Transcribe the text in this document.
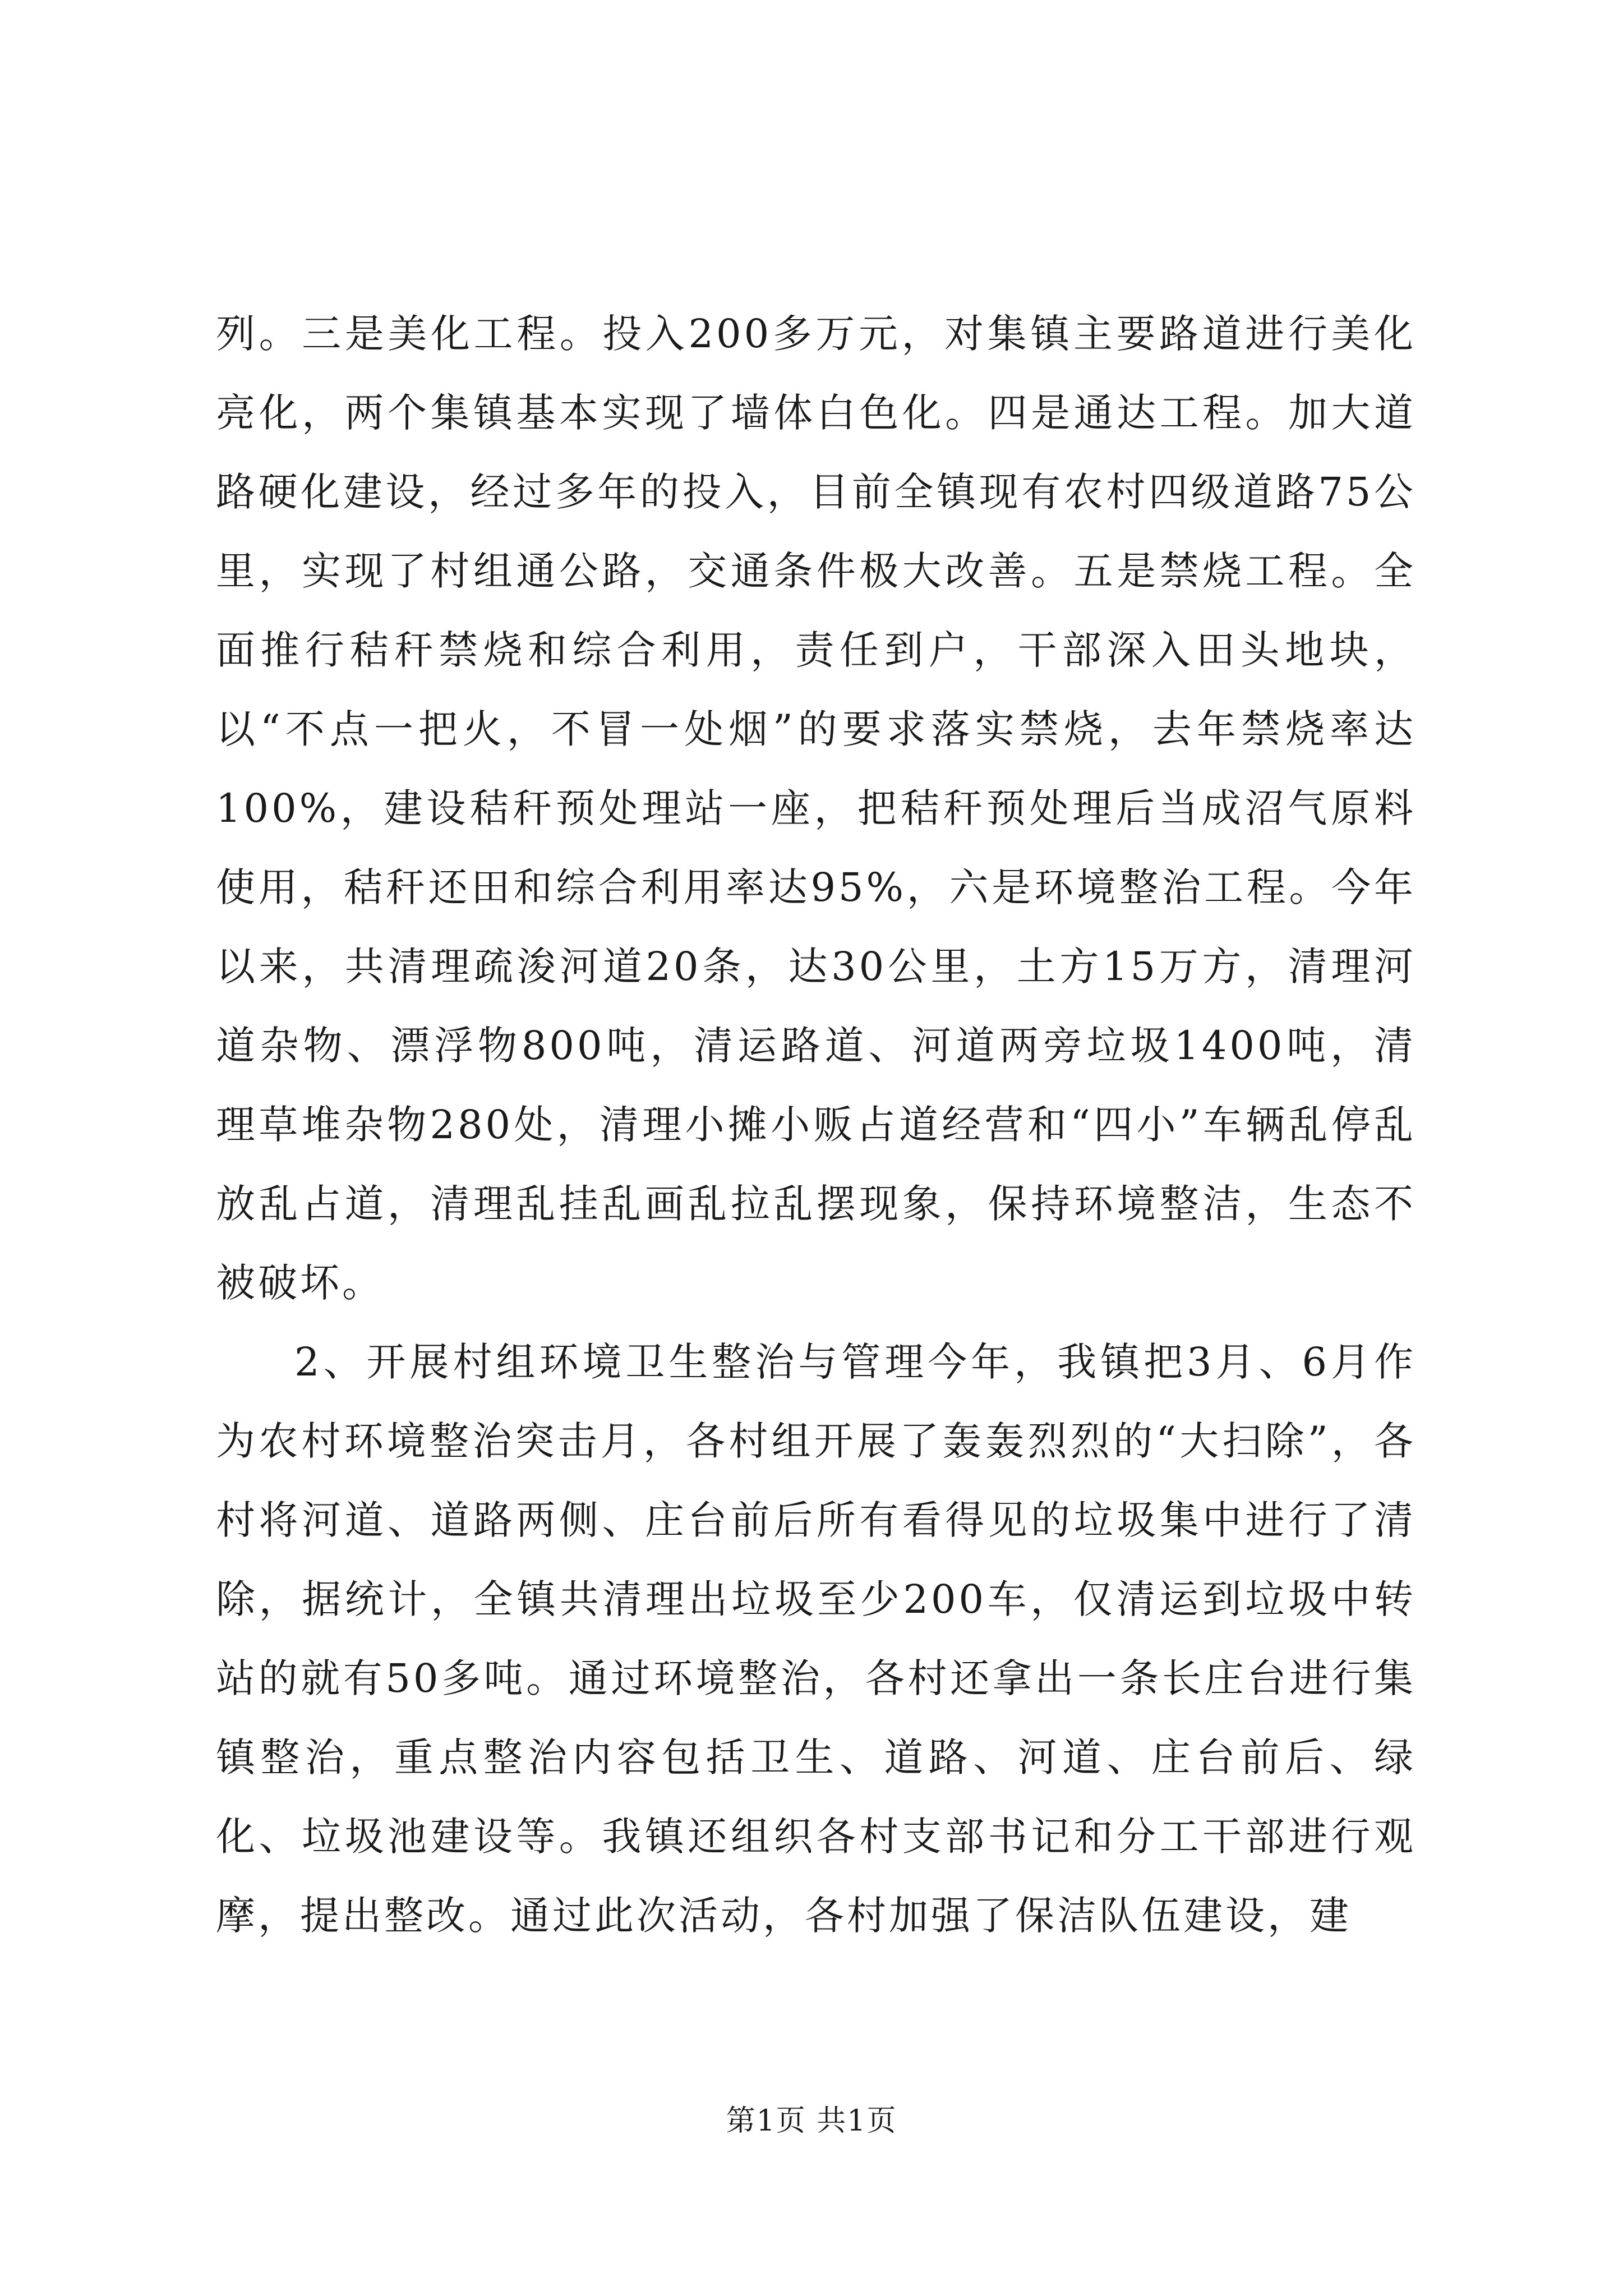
列。三是美化工程。投入200多万元，对集镇主要路道进行美化亮化，两个集镇基本实现了墙体白色化。四是通达工程。加大道路硬化建设，经过多年的投入，目前全镇现有农村四级道路75公里，实现了村组通公路，交通条件极大改善。五是禁烧工程。全面推行秸秆禁烧和综合利用，责任到户，干部深入田头地块，以“不点一把火，不冒一处烟”的要求落实禁烧，去年禁烧率达100%，建设秸秆预处理站一座，把秸秆预处理后当成沼气原料使用，秸秆还田和综合利用率达95%，六是环境整治工程。今年以来，共清理疏浚河道20条，达30公里，土方15万方，清理河道杂物、漂浮物800吨，清运路道、河道两旁垃圾1400吨，清理草堆杂物280处，清理小摊小贩占道经营和“四小”车辆乱停乱放乱占道，清理乱挂乱画乱拉乱摆现象，保持环境整洁，生态不被破坏。

2、开展村组环境卫生整治与管理今年，我镇把3月、6月作为农村环境整治突击月，各村组开展了轰轰烈烈的“大扫除”，各村将河道、道路两侧、庄台前后所有看得见的垃圾集中进行了清除，据统计，全镇共清理出垃圾至少200车，仅清运到垃圾中转站的就有50多吨。通过环境整治，各村还拿出一条长庄台进行集镇整治，重点整治内容包括卫生、道路、河道、庄台前后、绿化、垃圾池建设等。我镇还组织各村支部书记和分工干部进行观摩，提出整改。通过此次活动，各村加强了保洁队伍建设，建

第1页 共1页
